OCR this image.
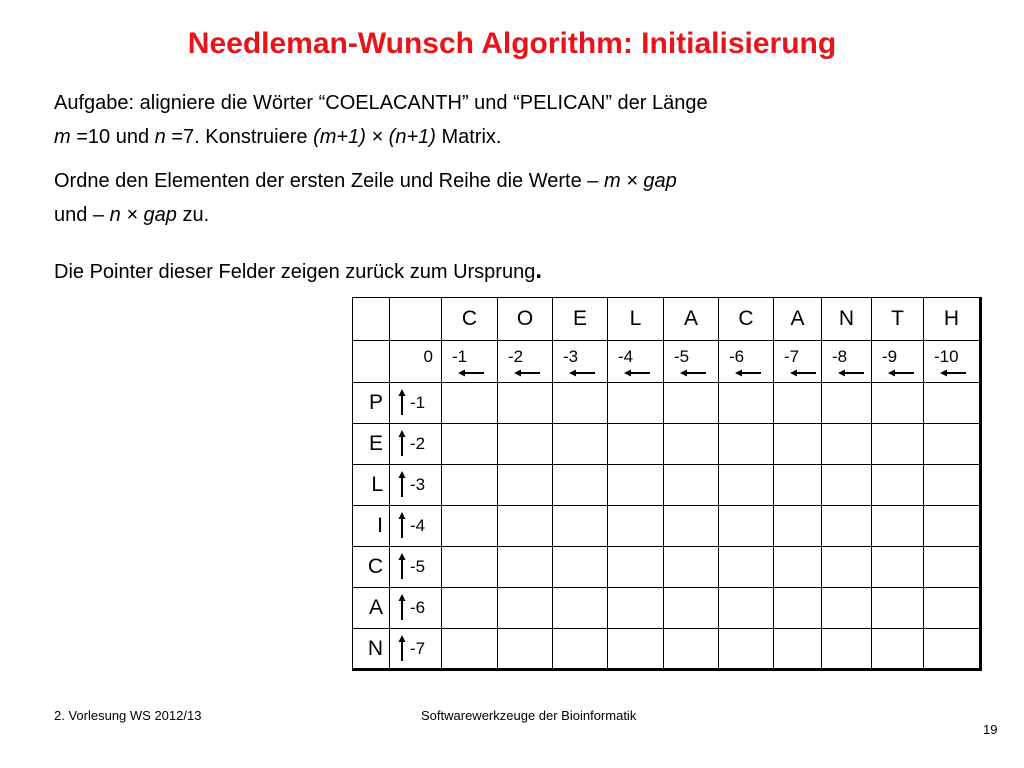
Needleman-Wunsch Algorithm: Initialisierung
Aufgabe: aligniere die Wörter “COELACANTH” und “PELICAN” der Länge
m =10 und n =7. Konstruiere (m+1) × (n+1) Matrix.
Ordne den Elementen der ersten Zeile und Reihe die Werte – m × gap
und – n × gap zu.
Die Pointer dieser Felder zeigen zurück zum Ursprung.

		C	O	E	L	A	C	A	N	T	H

	0	-1	-2	-3	-4	-5	-6	-7	-8	-9	-10

P	-1										

E	-2										

L	-3										

I	-4										

C	-5										

A	-6										

N	-7										

2. Vorlesung WS 2012/13	Softwarewerkzeuge der Bioinformatik
19
